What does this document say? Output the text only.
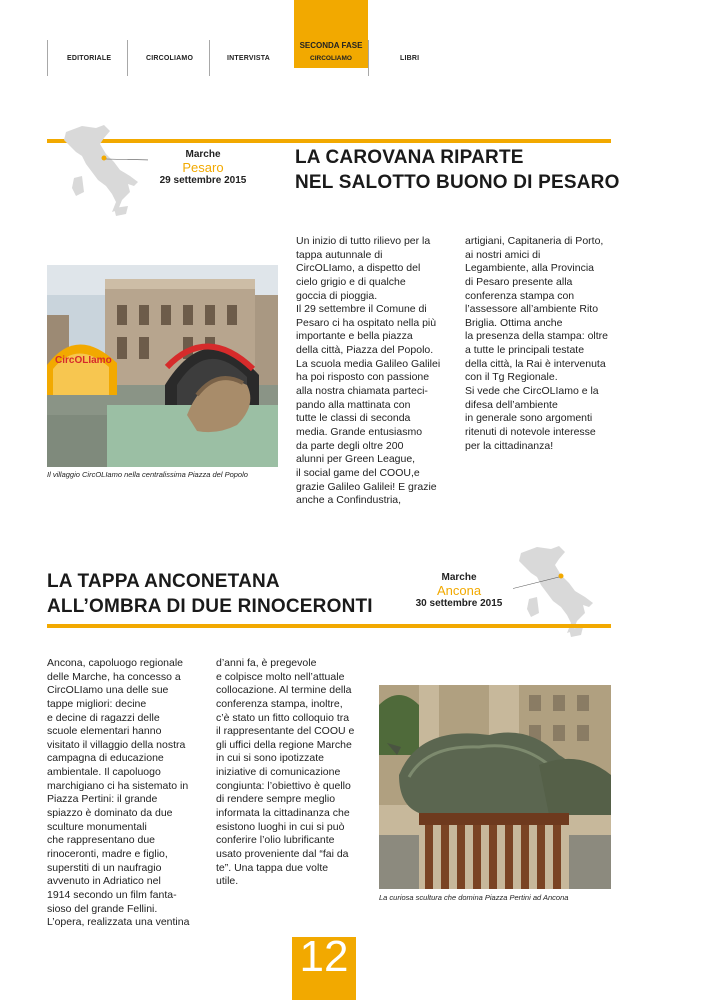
EDITORIALE	CIRCOLIAMO	INTERVISTA
SECONDA FASE
CIRCOLIAMO	LIBRI
Marche
Pesaro
29 settembre 2015
LA CAROVANA RIPARTE
NEL SALOTTO BUONO DI PESARO
CircOLIamo
Il villaggio CircOLIamo nella centralissima Piazza del Popolo
Un inizio di tutto rilievo per la
tappa autunnale di
CircOLIamo, a dispetto del
cielo grigio e di qualche
goccia di pioggia.
Il 29 settembre il Comune di
Pesaro ci ha ospitato nella più
importante e bella piazza
della città, Piazza del Popolo.
La scuola media Galileo Galilei
ha poi risposto con passione
alla nostra chiamata parteci-
pando alla mattinata con
tutte le classi di seconda
media. Grande entusiasmo
da parte degli oltre 200
alunni per Green League,
il social game del COOU,e
grazie Galileo Galilei! E grazie
anche a Confindustria,
artigiani, Capitaneria di Porto,
ai nostri amici di
Legambiente, alla Provincia
di Pesaro presente alla
conferenza stampa con
l’assessore all’ambiente Rito
Briglia. Ottima anche
la presenza della stampa: oltre
a tutte le principali testate
della città, la Rai è intervenuta
con il Tg Regionale.
Si vede che CircOLIamo e la
difesa dell’ambiente
in generale sono argomenti
ritenuti di notevole interesse
per la cittadinanza!
Marche
Ancona
30 settembre 2015
LA TAPPA ANCONETANA
ALL’OMBRA DI DUE RINOCERONTI
Ancona, capoluogo regionale
delle Marche, ha concesso a
CircOLIamo una delle sue
tappe migliori: decine
e decine di ragazzi delle
scuole elementari hanno
visitato il villaggio della nostra
campagna di educazione
ambientale. Il capoluogo
marchigiano ci ha sistemato in
Piazza Pertini: il grande
spiazzo è dominato da due
sculture monumentali
che rappresentano due
rinoceronti, madre e figlio,
superstiti di un naufragio
avvenuto in Adriatico nel
1914 secondo un film fanta-
sioso del grande Fellini.
L’opera, realizzata una ventina
d’anni fa, è pregevole
e colpisce molto nell’attuale
collocazione. Al termine della
conferenza stampa, inoltre,
c’è stato un fitto colloquio tra
il rappresentante del COOU e
gli uffici della regione Marche
in cui si sono ipotizzate
iniziative di comunicazione
congiunta: l’obiettivo è quello
di rendere sempre meglio
informata la cittadinanza che
esistono luoghi in cui si può
conferire l’olio lubrificante
usato proveniente dal “fai da
te”. Una tappa due volte
utile.
La curiosa scultura che domina Piazza Pertini ad Ancona
12
